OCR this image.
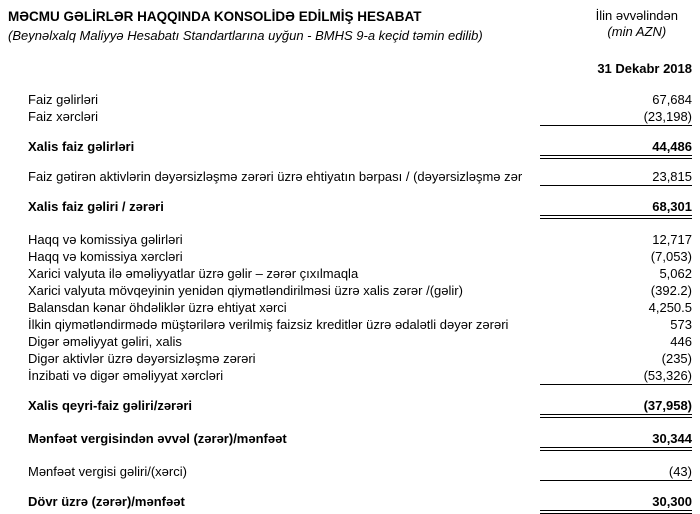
MƏCMU GƏLİRLƏR HAQQINDA KONSOLİDƏ EDİLMİŞ HESABAT
(Beynəlxalq Maliyyə Hesabatı Standartlarına uyğun - BMHS 9-a keçid təmin edilib)
İlin əvvəlindən
(min AZN)
31 Dekabr 2018
Faiz gəlirləri	67,684
Faiz xərcləri	(23,198)
Xalis faiz gəlirləri	44,486
Faiz gətirən aktivlərin dəyərsizləşmə zərəri üzrə ehtiyatın bərpası / (dəyərsizləşmə zər	23,815
Xalis faiz gəliri / zərəri	68,301
Haqq və komissiya gəlirləri	12,717
Haqq və komissiya xərcləri	(7,053)
Xarici valyuta ilə əməliyyatlar üzrə gəlir – zərər çıxılmaqla	5,062
Xarici valyuta mövqeyinin yenidən qiymətləndirilməsi üzrə xalis zərər /(gəlir)	(392.2)
Balansdan kənar öhdəliklər üzrə ehtiyat xərci	4,250.5
İlkin qiymətləndirmədə müştərilərə verilmiş faizsiz kreditlər üzrə ədalətli dəyər zərəri	573
Digər əməliyyat gəliri, xalis	446
Digər aktivlər üzrə dəyərsizləşmə zərəri	(235)
İnzibati və digər əməliyyat xərcləri	(53,326)
Xalis qeyri-faiz gəliri/zərəri	(37,958)
Mənfəət vergisindən əvvəl (zərər)/mənfəət	30,344
Mənfəət vergisi gəliri/(xərci)	(43)
Dövr üzrə (zərər)/mənfəət	30,300
